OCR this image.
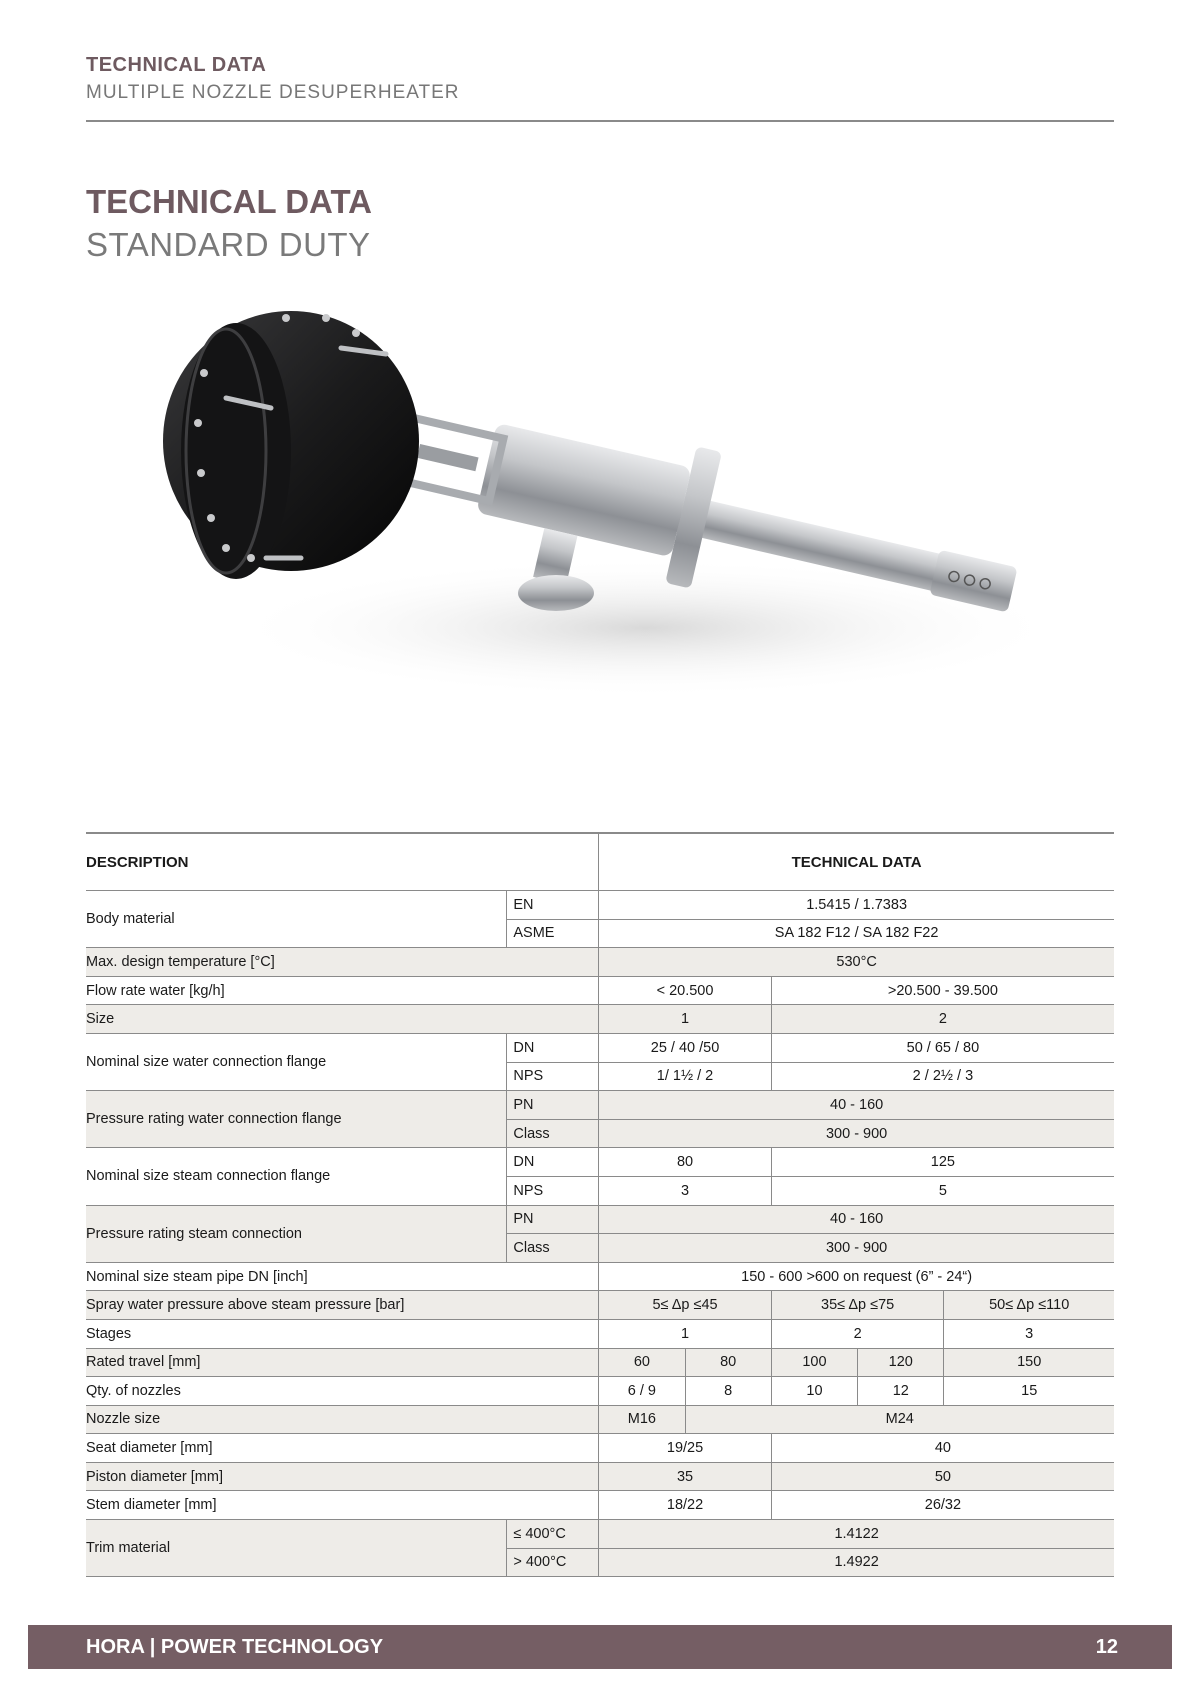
TECHNICAL DATA
MULTIPLE NOZZLE DESUPERHEATER
TECHNICAL DATA
STANDARD DUTY
DESCRIPTION		TECHNICAL DATA				
Body material	EN	1.5415 / 1.7383				
	ASME	SA 182 F12 / SA 182 F22				
Max. design temperature [°C]		530°C				
Flow rate water [kg/h]		< 20.500		>20.500 - 39.500		
Size		1		2		
Nominal size water connection flange	DN	25 / 40 /50		50 / 65 / 80		
	NPS	1/ 1½ / 2		2 / 2½ / 3		
Pressure rating water connection flange	PN	40 - 160				
	Class	300 - 900				
Nominal size steam connection flange	DN	80		125		
	NPS	3		5		
Pressure rating steam connection	PN	40 - 160				
	Class	300 - 900				
Nominal size steam pipe DN [inch]		150 - 600 >600 on request (6” - 24“)				
Spray water pressure above steam pressure [bar]		5≤ Δp ≤45		35≤ Δp ≤75		50≤ Δp ≤110
Stages		1		2		3
Rated travel [mm]		60	80	100	120	150
Qty. of nozzles		6 / 9	8	10	12	15
Nozzle size		M16	M24			
Seat diameter [mm]		19/25		40		
Piston diameter [mm]		35		50		
Stem diameter [mm]		18/22		26/32		
Trim material	≤ 400°C	1.4122				
	> 400°C	1.4922				
HORA | POWER TECHNOLOGY	12
